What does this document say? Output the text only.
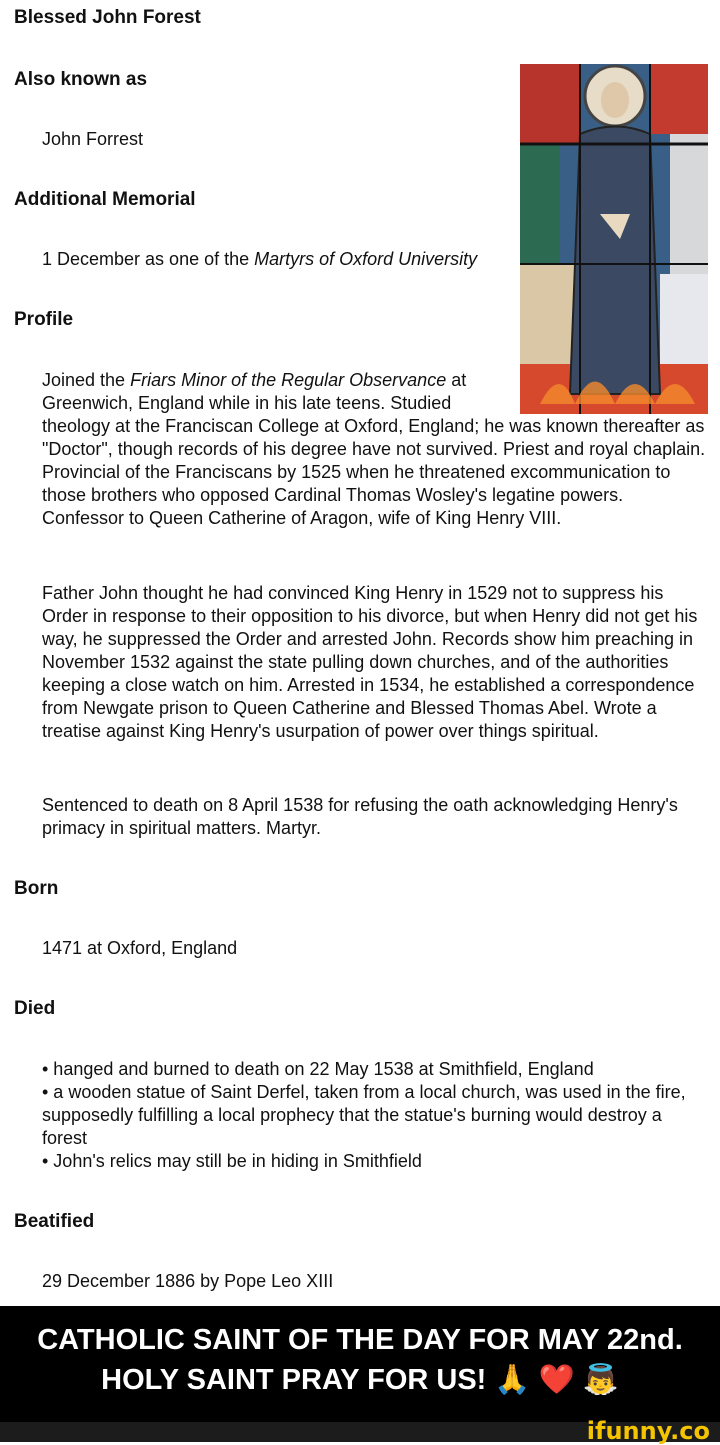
Blessed John Forest
Also known as
John Forrest
Additional Memorial
1 December as one of the Martyrs of Oxford University
Profile
Joined the Friars Minor of the Regular Observance at Greenwich, England while in his late teens. Studied theology at the Franciscan College at Oxford, England; he was known thereafter as "Doctor", though records of his degree have not survived. Priest and royal chaplain. Provincial of the Franciscans by 1525 when he threatened excommunication to those brothers who opposed Cardinal Thomas Wosley's legatine powers. Confessor to Queen Catherine of Aragon, wife of King Henry VIII.
Father John thought he had convinced King Henry in 1529 not to suppress his Order in response to their opposition to his divorce, but when Henry did not get his way, he suppressed the Order and arrested John. Records show him preaching in November 1532 against the state pulling down churches, and of the authorities keeping a close watch on him. Arrested in 1534, he established a correspondence from Newgate prison to Queen Catherine and Blessed Thomas Abel. Wrote a treatise against King Henry's usurpation of power over things spiritual.
Sentenced to death on 8 April 1538 for refusing the oath acknowledging Henry's primacy in spiritual matters. Martyr.
Born
1471 at Oxford, England
Died
• hanged and burned to death on 22 May 1538 at Smithfield, England
• a wooden statue of Saint Derfel, taken from a local church, was used in the fire, supposedly fulfilling a local prophecy that the statue's burning would destroy a forest
• John's relics may still be in hiding in Smithfield
Beatified
29 December 1886 by Pope Leo XIII
CATHOLIC SAINT OF THE DAY FOR MAY 22nd.
HOLY SAINT PRAY FOR US! 🙏 ❤️ 👼
ifunny.co
